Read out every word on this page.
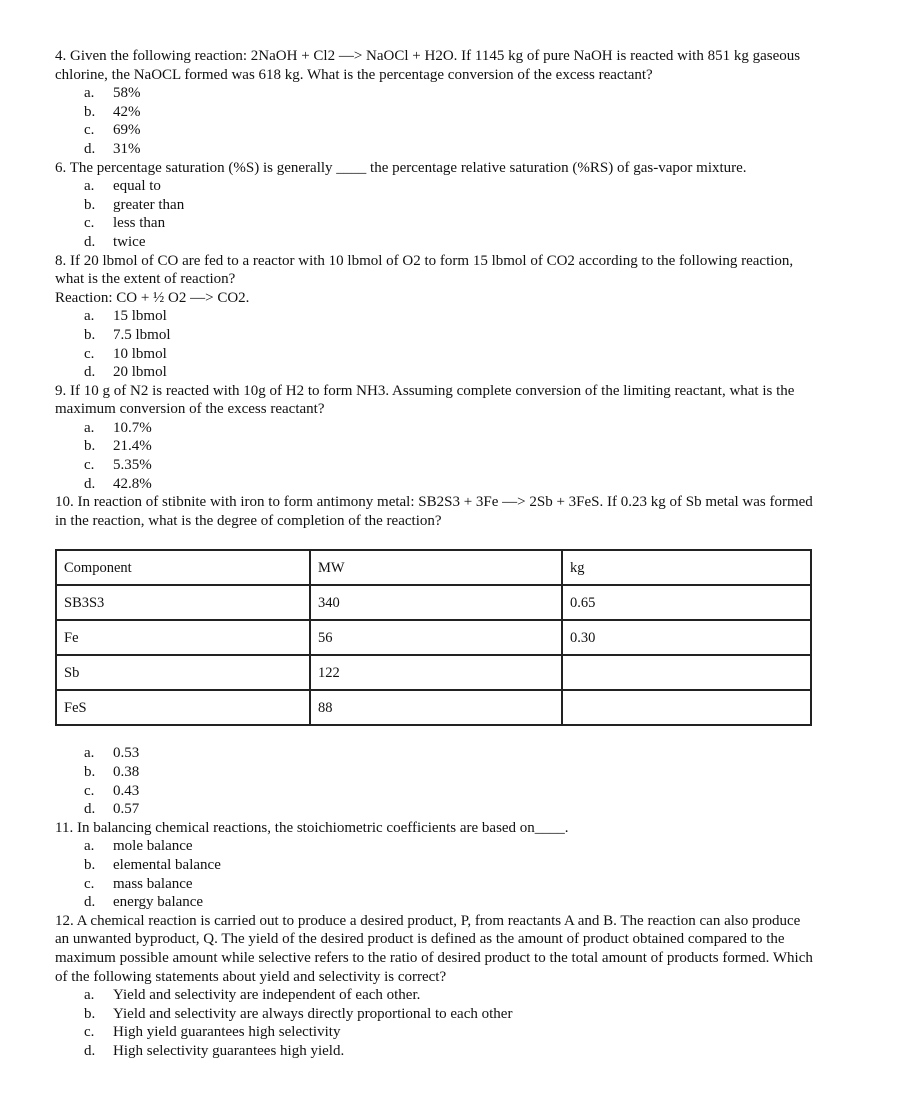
4. Given the following reaction: 2NaOH + Cl2 —> NaOCl + H2O. If 1145 kg of pure NaOH is reacted with 851 kg gaseous chlorine, the NaOCL formed was 618 kg. What is the percentage conversion of the excess reactant?

a.	58%
b.	42%
c.	69%
d.	31%

6. The percentage saturation (%S) is generally ____ the percentage relative saturation (%RS) of gas-vapor mixture.

a.	equal to
b.	greater than
c.	less than
d.	twice

8. If 20 lbmol of CO are fed to a reactor with 10 lbmol of O2 to form 15 lbmol of CO2 according to the following reaction, what is the extent of reaction?

Reaction: CO + ½ O2 —> CO2.

a.	15 lbmol
b.	7.5 lbmol
c.	10 lbmol
d.	20 lbmol

9. If 10 g of N2 is reacted with 10g of H2 to form NH3. Assuming complete conversion of the limiting reactant, what is the maximum conversion of the excess reactant?

a.	10.7%
b.	21.4%
c.	5.35%
d.	42.8%

10. In reaction of stibnite with iron to form antimony metal: SB2S3 + 3Fe —> 2Sb + 3FeS. If 0.23 kg of Sb metal was formed in the reaction, what is the degree of completion of the reaction?

Component	MW	kg
SB3S3	340	0.65
Fe	56	0.30
Sb	122	
FeS	88	
a.	0.53
b.	0.38
c.	0.43
d.	0.57

11. In balancing chemical reactions, the stoichiometric coefficients are based on____.

a.	mole balance
b.	elemental balance
c.	mass balance
d.	energy balance

12. A chemical reaction is carried out to produce a desired product, P, from reactants A and B. The reaction can also produce an unwanted byproduct, Q. The yield of the desired product is defined as the amount of product obtained compared to the maximum possible amount while selective refers to the ratio of desired product to the total amount of products formed. Which of the following statements about yield and selectivity is correct?

a.	Yield and selectivity are independent of each other.
b.	Yield and selectivity are always directly proportional to each other
c.	High yield guarantees high selectivity
d.	High selectivity guarantees high yield.
